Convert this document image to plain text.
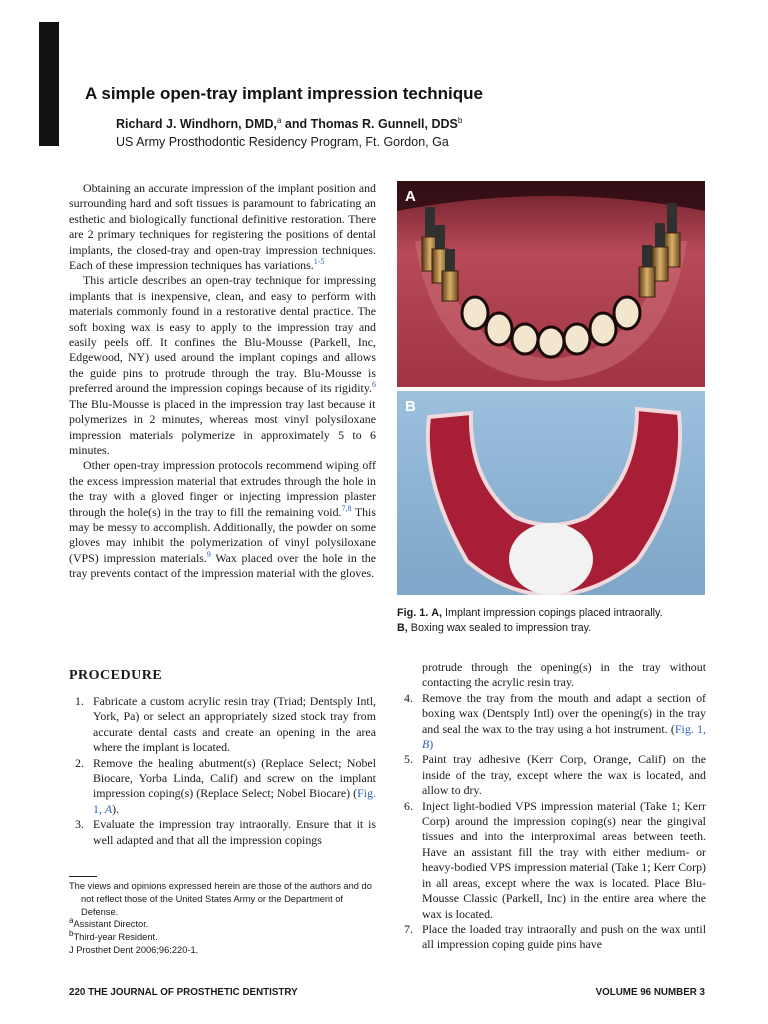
A simple open-tray implant impression technique
Richard J. Windhorn, DMD,$^a$ and Thomas R. Gunnell, DDS$^b$
US Army Prosthodontic Residency Program, Ft. Gordon, Ga

Obtaining an accurate impression of the implant position and surrounding hard and soft tissues is paramount to fabricating an esthetic and biologically functional definitive restoration. There are 2 primary techniques for registering the positions of dental implants, the closed-tray and open-tray impression techniques. Each of these impression techniques has variations.$^{1-5}$

This article describes an open-tray technique for impressing implants that is inexpensive, clean, and easy to perform with materials commonly found in a restorative dental practice. The soft boxing wax is easy to apply to the impression tray and easily peels off. It confines the Blu-Mousse (Parkell, Inc, Edgewood, NY) used around the implant copings and allows the guide pins to protrude through the tray. Blu-Mousse is preferred around the impression copings because of its rigidity.$^6$ The Blu-Mousse is placed in the impression tray last because it polymerizes in 2 minutes, whereas most vinyl polysiloxane impression materials polymerize in approximately 5 to 6 minutes.

Other open-tray impression protocols recommend wiping off the excess impression material that extrudes through the hole in the tray with a gloved finger or injecting impression plaster through the hole(s) in the tray to fill the remaining void.$^{7,8}$ This may be messy to accomplish. Additionally, the powder on some gloves may inhibit the polymerization of vinyl polysiloxane (VPS) impression materials.$^9$ Wax placed over the hole in the tray prevents contact of the impression material with the gloves.

A
B
Fig. 1. A, Implant impression copings placed intraorally.
B, Boxing wax sealed to impression tray.
PROCEDURE
1. Fabricate a custom acrylic resin tray (Triad; Dentsply Intl, York, Pa) or select an appropriately sized stock tray from accurate dental casts and create an opening in the area where the implant is located.
2. Remove the healing abutment(s) (Replace Select; Nobel Biocare, Yorba Linda, Calif) and screw on the implant impression coping(s) (Replace Select; Nobel Biocare) (Fig. 1, A).
3. Evaluate the impression tray intraorally. Ensure that it is well adapted and that all the impression copings
protrude through the opening(s) in the tray without contacting the acrylic resin tray.
4. Remove the tray from the mouth and adapt a section of boxing wax (Dentsply Intl) over the opening(s) in the tray and seal the wax to the tray using a hot instrument. (Fig. 1, B)
5. Paint tray adhesive (Kerr Corp, Orange, Calif) on the inside of the tray, except where the wax is located, and allow to dry.
6. Inject light-bodied VPS impression material (Take 1; Kerr Corp) around the impression coping(s) near the gingival tissues and into the interproximal areas between teeth. Have an assistant fill the tray with either medium- or heavy-bodied VPS impression material (Take 1; Kerr Corp) in all areas, except where the wax is located. Place Blu-Mousse Classic (Parkell, Inc) in the entire area where the wax is located.
7. Place the loaded tray intraorally and push on the wax until all impression coping guide pins have

The views and opinions expressed herein are those of the authors and do not reflect those of the United States Army or the Department of Defense.

$^a$Assistant Director.

$^b$Third-year Resident.

J Prosthet Dent 2006;96:220-1.

220 THE JOURNAL OF PROSTHETIC DENTISTRY	VOLUME 96 NUMBER 3
